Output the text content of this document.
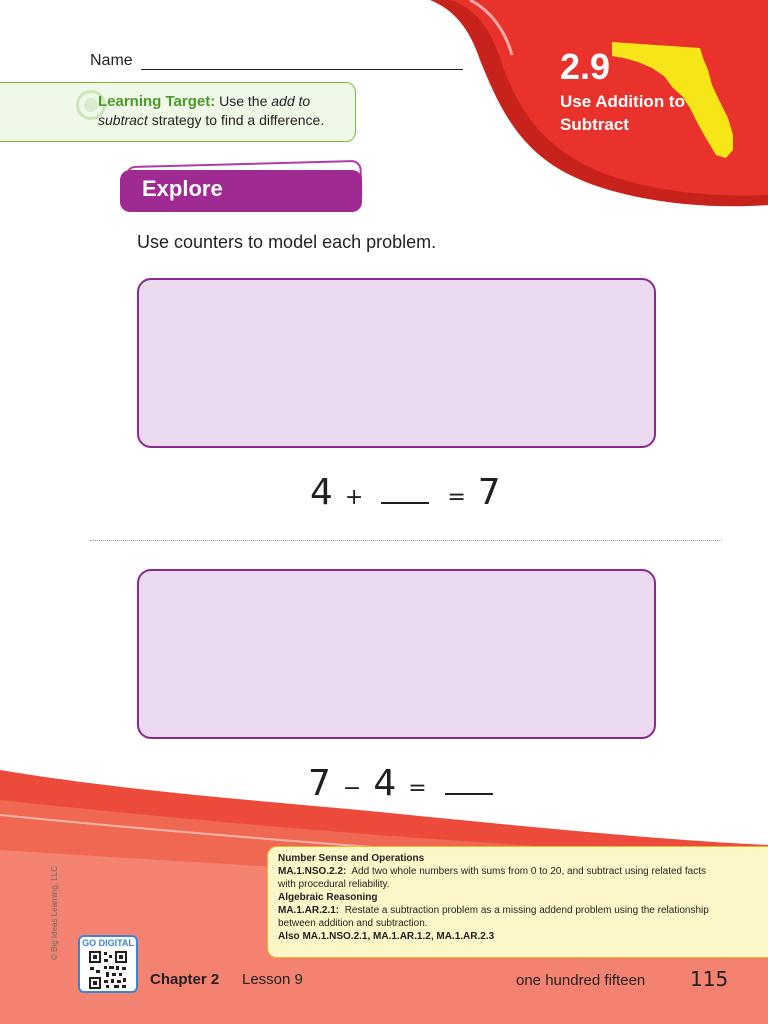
Name
Learning Target: Use the add to subtract strategy to find a difference.
2.9
Use Addition to Subtract
Explore
Use counters to model each problem.
4 +	= 7
7 − 4 =
Number Sense and Operations
MA.1.NSO.2.2: Add two whole numbers with sums from 0 to 20, and subtract using related facts
with procedural reliability.
Algebraic Reasoning
MA.1.AR.2.1: Restate a subtraction problem as a missing addend problem using the relationship
between addition and subtraction.
Also MA.1.NSO.2.1, MA.1.AR.1.2, MA.1.AR.2.3
© Big Ideas Learning, LLC	GO DIGITAL
Chapter 2 Lesson 9	one hundred fifteen 115
